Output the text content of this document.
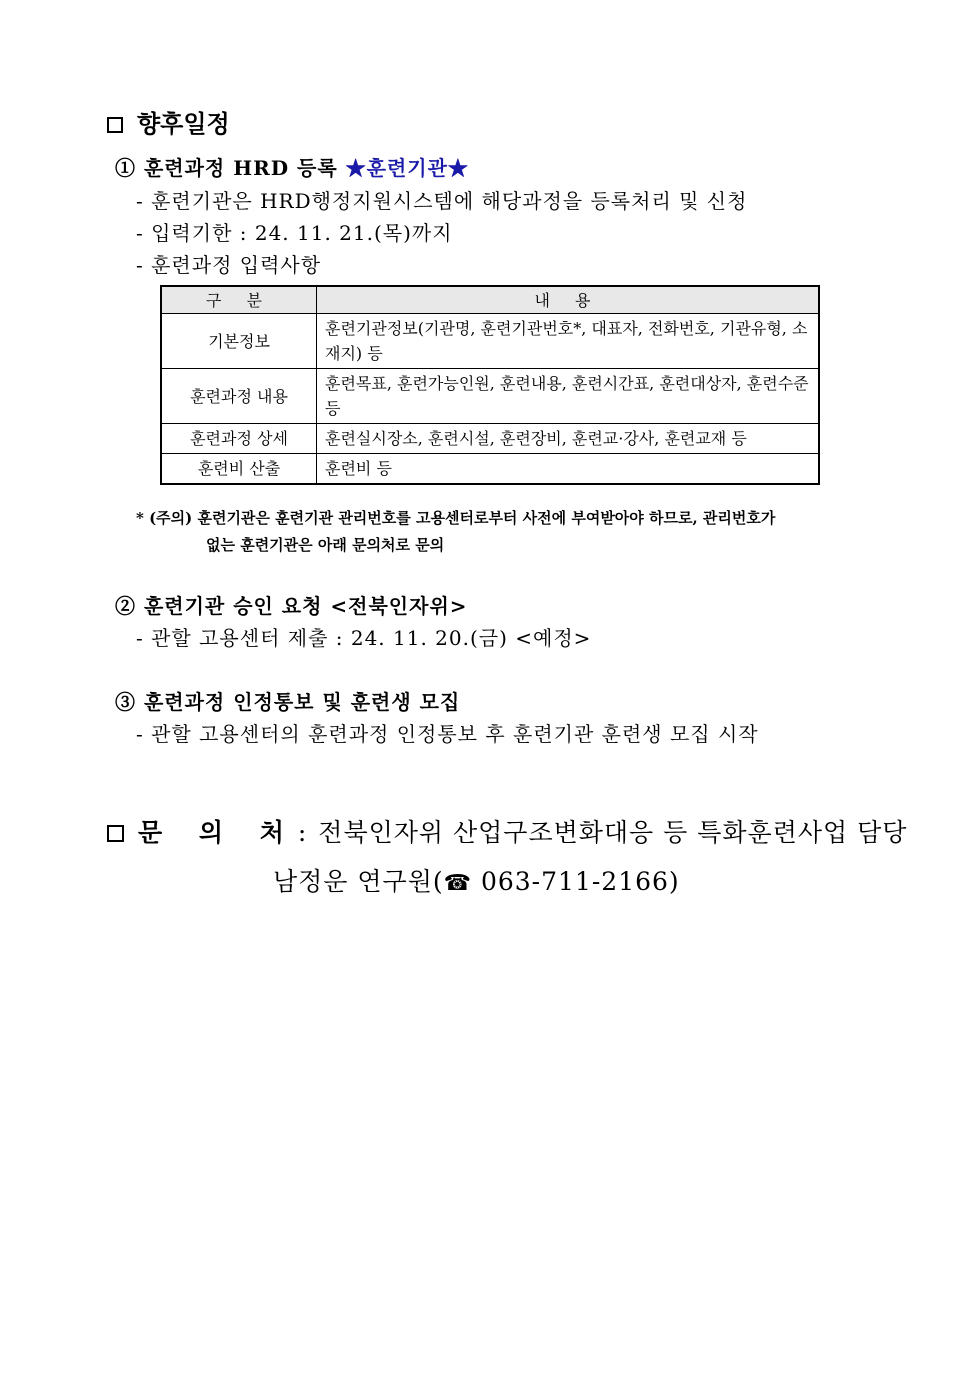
향후일정
① 훈련과정 HRD 등록 ★훈련기관★
- 훈련기관은 HRD행정지원시스템에 해당과정을 등록처리 및 신청
- 입력기한 : 24. 11. 21.(목)까지
- 훈련과정 입력사항
구 분	내 용
기본정보	훈련기관정보(기관명, 훈련기관번호*, 대표자, 전화번호, 기관유형, 소재지) 등
훈련과정 내용	훈련목표, 훈련가능인원, 훈련내용, 훈련시간표, 훈련대상자, 훈련수준 등
훈련과정 상세	훈련실시장소, 훈련시설, 훈련장비, 훈련교·강사, 훈련교재 등
훈련비 산출	훈련비 등
* (주의) 훈련기관은 훈련기관 관리번호를 고용센터로부터 사전에 부여받아야 하므로, 관리번호가
없는 훈련기관은 아래 문의처로 문의
② 훈련기관 승인 요청 <전북인자위>
- 관할 고용센터 제출 : 24. 11. 20.(금) <예정>
③ 훈련과정 인정통보 및 훈련생 모집
- 관할 고용센터의 훈련과정 인정통보 후 훈련기관 훈련생 모집 시작
문 의 처: 전북인자위 산업구조변화대응 등 특화훈련사업 담당
남정운 연구원(☎ 063-711-2166)
